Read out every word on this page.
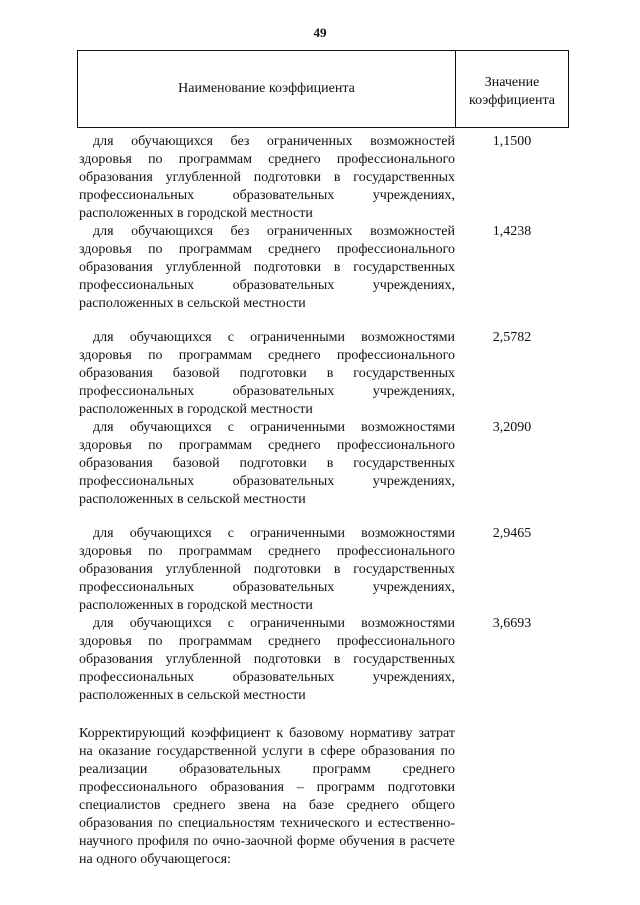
49
Наименование коэффициента	Значение
коэффициента
для обучающихся без ограниченных возможностей здоровья по программам среднего профессионального образования углубленной подготовки в государственных профессиональных образовательных учреждениях, расположенных в городской местности
1,1500
для обучающихся без ограниченных возможностей здоровья по программам среднего профессионального образования углубленной подготовки в государственных профессиональных образовательных учреждениях, расположенных в сельской местности
1,4238
для обучающихся с ограниченными возможностями здоровья по программам среднего профессионального образования базовой подготовки в государственных профессиональных образовательных учреждениях, расположенных в городской местности
2,5782
для обучающихся с ограниченными возможностями здоровья по программам среднего профессионального образования базовой подготовки в государственных профессиональных образовательных учреждениях, расположенных в сельской местности
3,2090
для обучающихся с ограниченными возможностями здоровья по программам среднего профессионального образования углубленной подготовки в государственных профессиональных образовательных учреждениях, расположенных в городской местности
2,9465
для обучающихся с ограниченными возможностями здоровья по программам среднего профессионального образования углубленной подготовки в государственных профессиональных образовательных учреждениях, расположенных в сельской местности
3,6693
Корректирующий коэффициент к базовому нормативу затрат на оказание государственной услуги в сфере образования по реализации образовательных программ среднего профессионального образования – программ подготовки специалистов среднего звена на базе среднего общего образования по специальностям технического и естественно-научного профиля по очно-заочной форме обучения в расчете на одного обучающегося:
